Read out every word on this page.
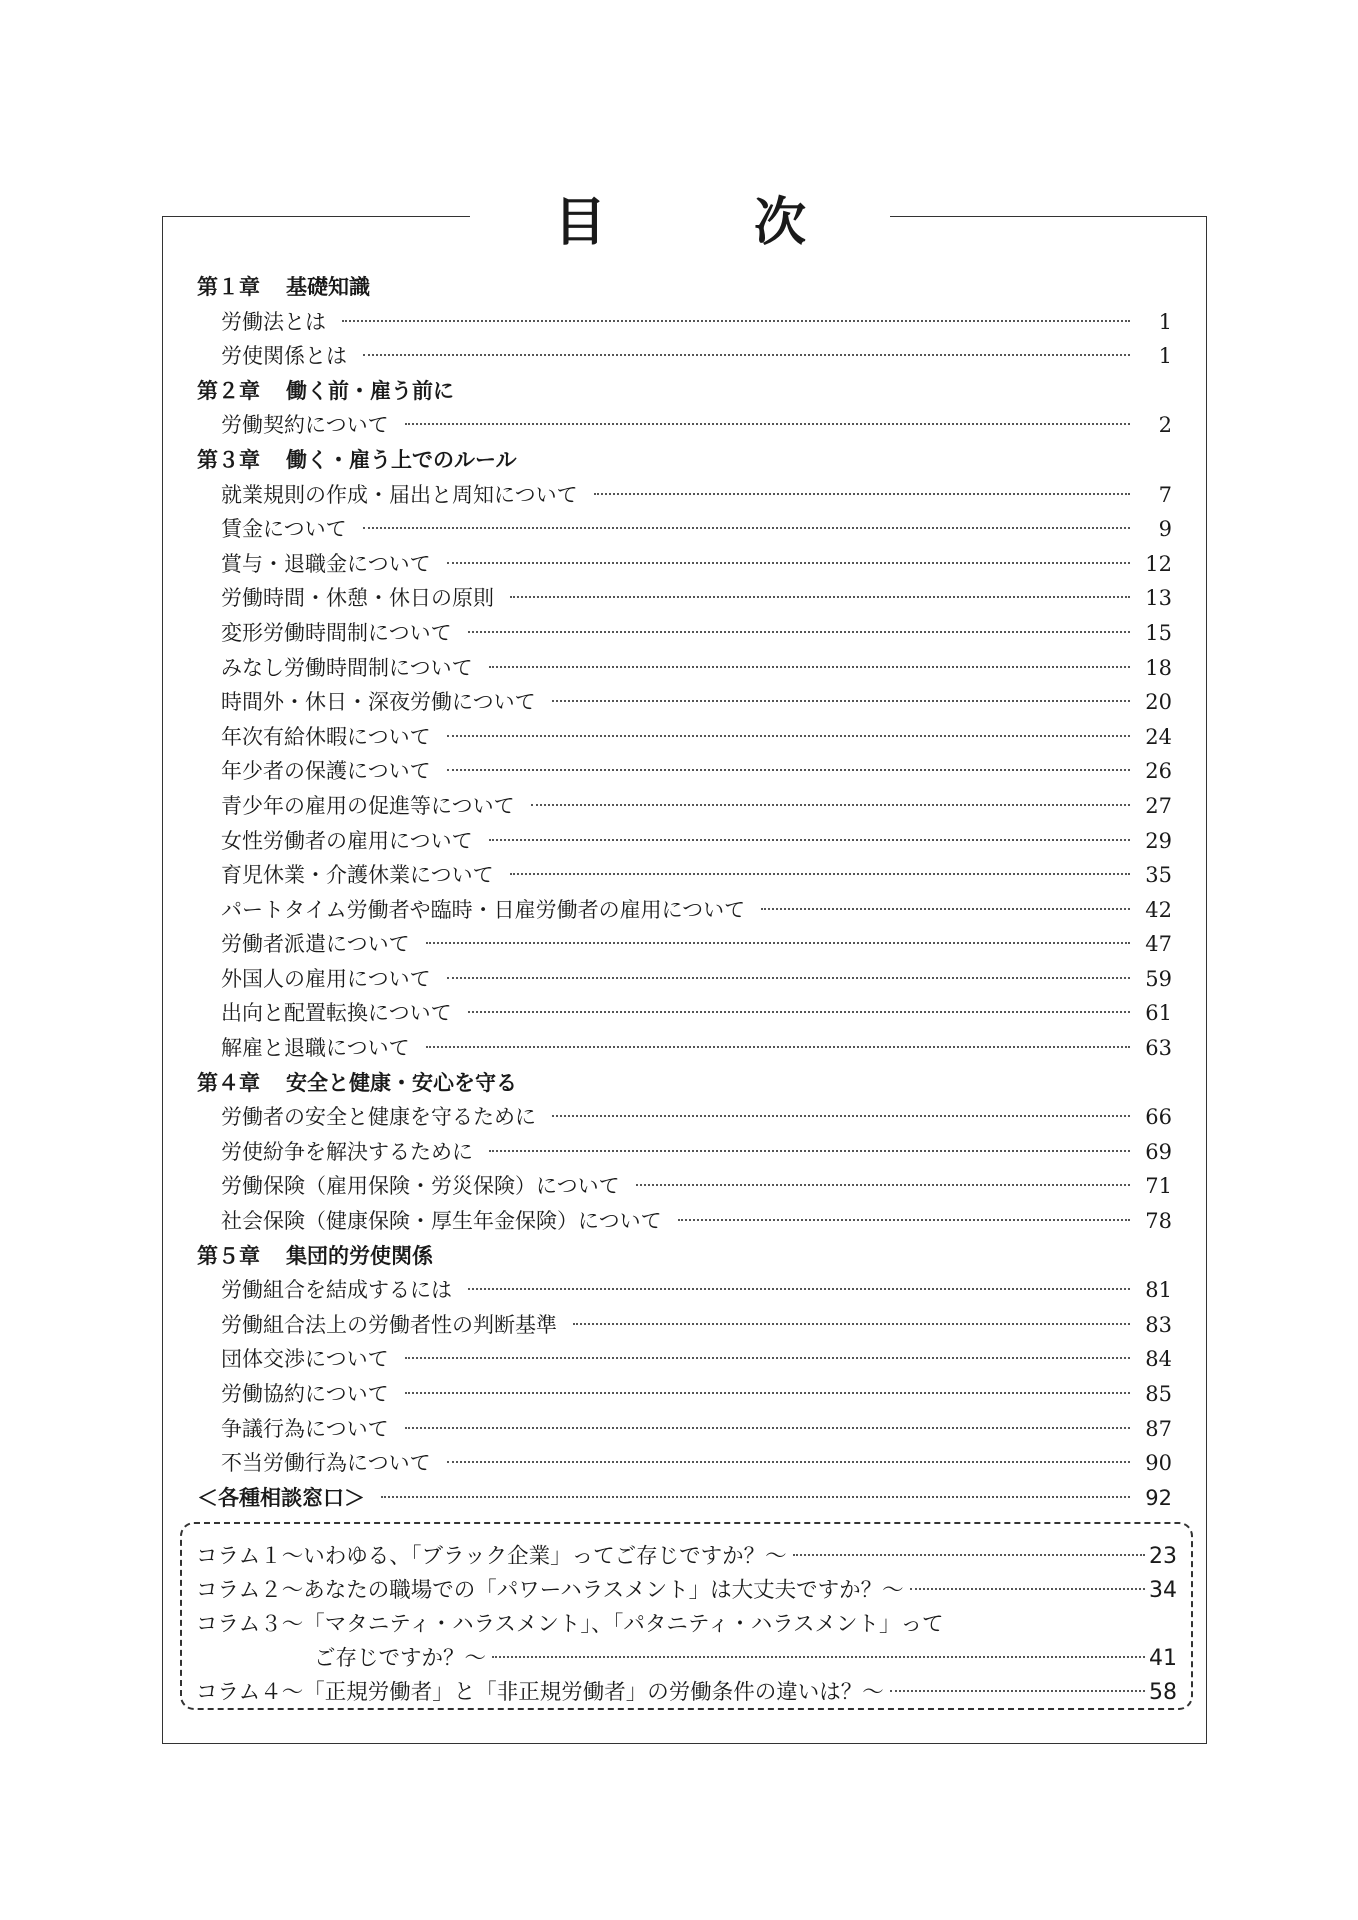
目	次
第１章 基礎知識
労働法とは	1
労使関係とは	1
第２章 働く前・雇う前に
労働契約について	2
第３章 働く・雇う上でのルール
就業規則の作成・届出と周知について	7
賃金について	9
賞与・退職金について	12
労働時間・休憩・休日の原則	13
変形労働時間制について	15
みなし労働時間制について	18
時間外・休日・深夜労働について	20
年次有給休暇について	24
年少者の保護について	26
青少年の雇用の促進等について	27
女性労働者の雇用について	29
育児休業・介護休業について	35
パートタイム労働者や臨時・日雇労働者の雇用について	42
労働者派遣について	47
外国人の雇用について	59
出向と配置転換について	61
解雇と退職について	63
第４章 安全と健康・安心を守る
労働者の安全と健康を守るために	66
労使紛争を解決するために	69
労働保険（雇用保険・労災保険）について	71
社会保険（健康保険・厚生年金保険）について	78
第５章 集団的労使関係
労働組合を結成するには	81
労働組合法上の労働者性の判断基準	83
団体交渉について	84
労働協約について	85
争議行為について	87
不当労働行為について	90
＜各種相談窓口＞	92
コラム１～いわゆる、「ブラック企業」ってご存じですか？～	23
コラム２～あなたの職場での「パワーハラスメント」は大丈夫ですか？～	34
コラム３～「マタニティ・ハラスメント」、「パタニティ・ハラスメント」って
ご存じですか？～	41
コラム４～「正規労働者」と「非正規労働者」の労働条件の違いは？～	58
